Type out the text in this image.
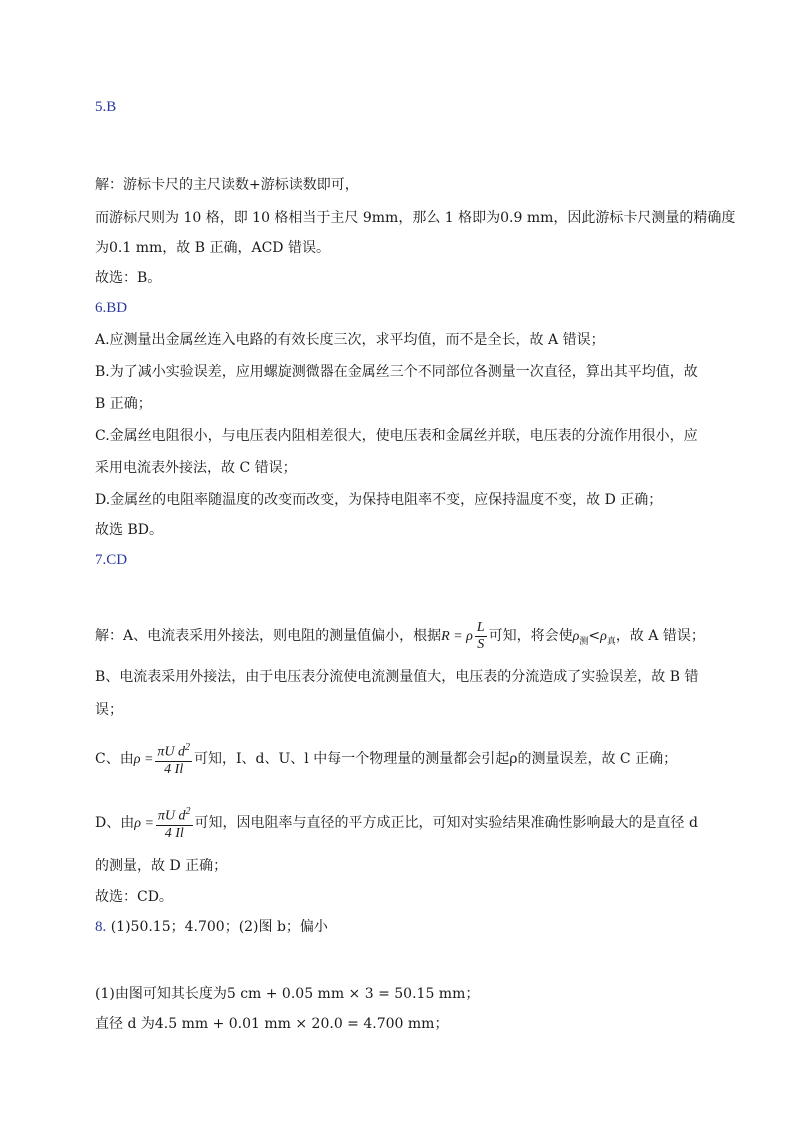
5.B
解：游标卡尺的主尺读数+游标读数即可，
而游标尺则为 10 格，即 10 格相当于主尺 9mm，那么 1 格即为0.9 mm，因此游标卡尺测量的精确度
为0.1 mm，故 B 正确，ACD 错误。
故选：B。
6.BD
A.应测量出金属丝连入电路的有效长度三次，求平均值，而不是全长，故 A 错误；
B.为了减小实验误差，应用螺旋测微器在金属丝三个不同部位各测量一次直径，算出其平均值，故
B 正确；
C.金属丝电阻很小，与电压表内阻相差很大，使电压表和金属丝并联，电压表的分流作用很小，应
采用电流表外接法，故 C 错误；
D.金属丝的电阻率随温度的改变而改变，为保持电阻率不变，应保持温度不变，故 D 正确；
故选 BD。
7.CD
解：A、电流表采用外接法，则电阻的测量值偏小，根据R = ρ $\frac{L}{S}$ 可知，将会使$\rho_测<\rho_真$，故 A 错误；
B、电流表采用外接法，由于电压表分流使电流测量值大，电压表的分流造成了实验误差，故 B 错
误；
C、由$\rho = \frac{\pi U d^2}{4 Il}$ 可知，I、d、U、l 中每一个物理量的测量都会引起ρ的测量误差，故 C 正确；
D、由$\rho = \frac{\pi U d^2}{4 Il}$ 可知，因电阻率与直径的平方成正比，可知对实验结果准确性影响最大的是直径 d
的测量，故 D 正确；
故选：CD。
8. (1)50.15；4.700；(2)图 b；偏小
(1)由图可知其长度为5 cm + 0.05 mm × 3 = 50.15 mm；
直径 d 为4.5 mm + 0.01 mm × 20.0 = 4.700 mm；
